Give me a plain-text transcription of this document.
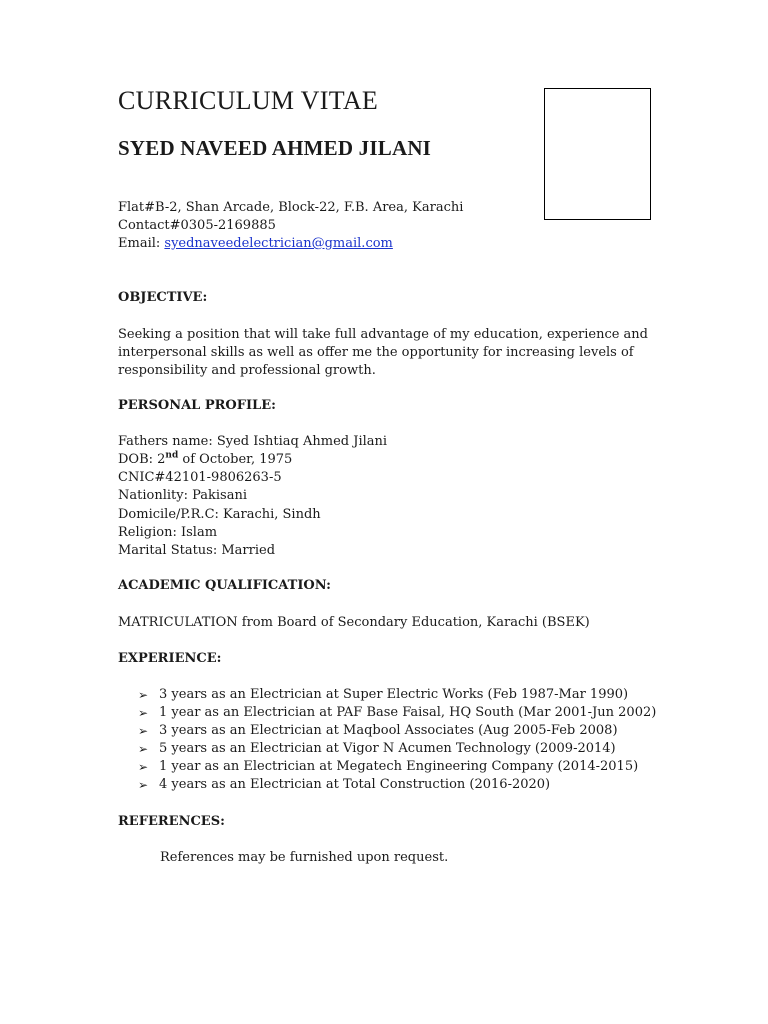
CURRICULUM VITAE
SYED NAVEED AHMED JILANI
Flat#B-2, Shan Arcade, Block-22, F.B. Area, Karachi
Contact#0305-2169885
Email: syednaveedelectrician@gmail.com
OBJECTIVE:
Seeking a position that will take full advantage of my education, experience and
interpersonal skills as well as offer me the opportunity for increasing levels of
responsibility and professional growth.
PERSONAL PROFILE:
Fathers name: Syed Ishtiaq Ahmed Jilani
DOB: 2nd of October, 1975
CNIC#42101-9806263-5
Nationlity: Pakisani
Domicile/P.R.C: Karachi, Sindh
Religion: Islam
Marital Status: Married
ACADEMIC QUALIFICATION:
MATRICULATION from Board of Secondary Education, Karachi (BSEK)
EXPERIENCE:
➢ 3 years as an Electrician at Super Electric Works (Feb 1987-Mar 1990)
➢ 1 year as an Electrician at PAF Base Faisal, HQ South (Mar 2001-Jun 2002)
➢ 3 years as an Electrician at Maqbool Associates (Aug 2005-Feb 2008)
➢ 5 years as an Electrician at Vigor N Acumen Technology (2009-2014)
➢ 1 year as an Electrician at Megatech Engineering Company (2014-2015)
➢ 4 years as an Electrician at Total Construction (2016-2020)
REFERENCES:
References may be furnished upon request.
